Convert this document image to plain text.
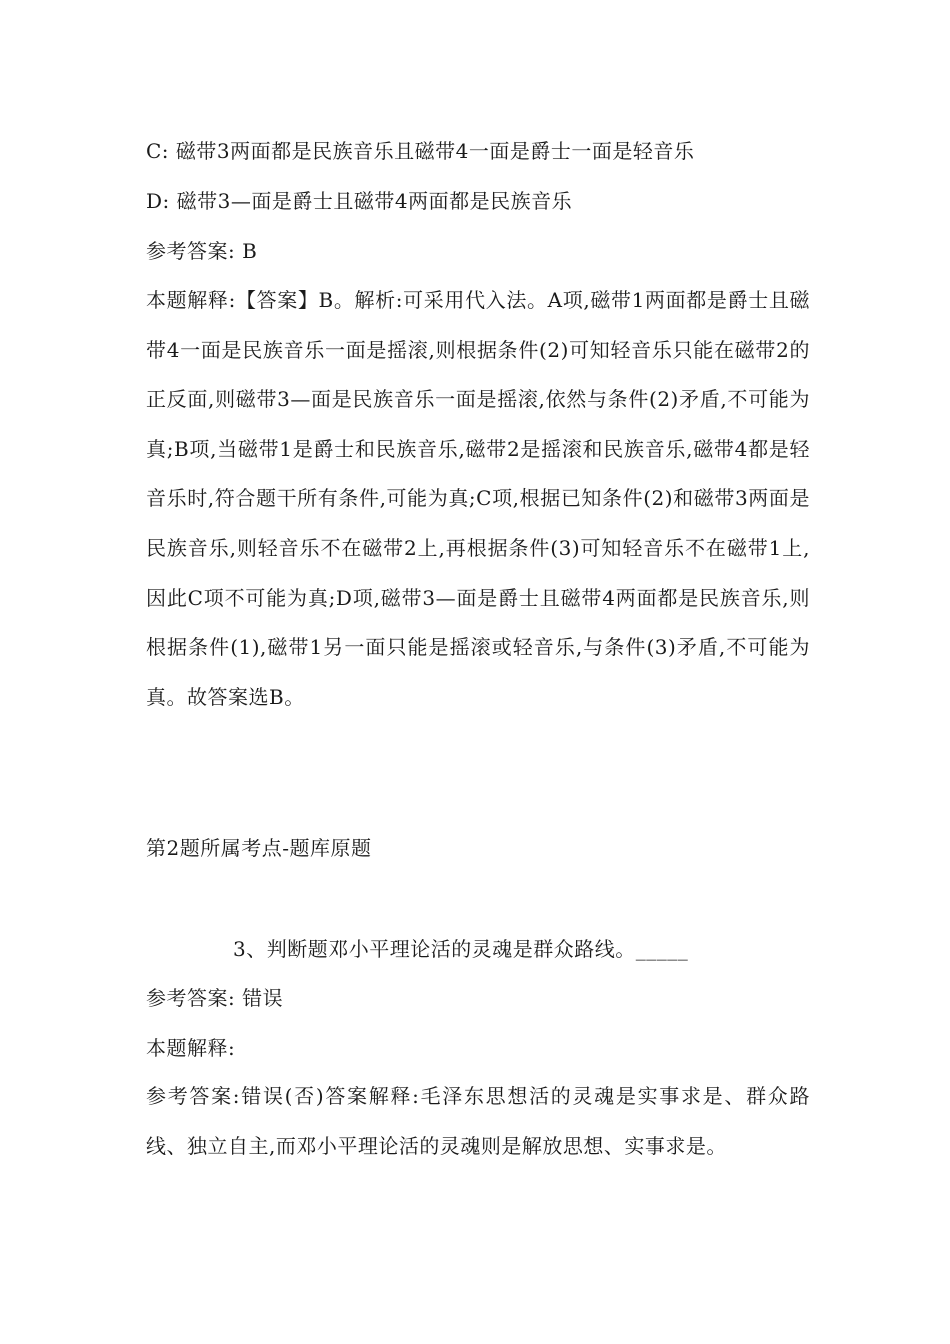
C: 磁带3两面都是民族音乐且磁带4一面是爵士一面是轻音乐
D: 磁带3—面是爵士且磁带4两面都是民族音乐
参考答案: B
本题解释:【答案】B。解析:可采用代入法。A项,磁带1两面都是爵士且磁带4一面是民族音乐一面是摇滚,则根据条件(2)可知轻音乐只能在磁带2的正反面,则磁带3—面是民族音乐一面是摇滚,依然与条件(2)矛盾,不可能为真;B项,当磁带1是爵士和民族音乐,磁带2是摇滚和民族音乐,磁带4都是轻音乐时,符合题干所有条件,可能为真;C项,根据已知条件(2)和磁带3两面是民族音乐,则轻音乐不在磁带2上,再根据条件(3)可知轻音乐不在磁带1上,因此C项不可能为真;D项,磁带3—面是爵士且磁带4两面都是民族音乐,则根据条件(1),磁带1另一面只能是摇滚或轻音乐,与条件(3)矛盾,不可能为真。故答案选B。
第2题所属考点-题库原题
3、判断题邓小平理论活的灵魂是群众路线。_____
参考答案: 错误
本题解释:
参考答案:错误(否)答案解释:毛泽东思想活的灵魂是实事求是、群众路线、独立自主,而邓小平理论活的灵魂则是解放思想、实事求是。
